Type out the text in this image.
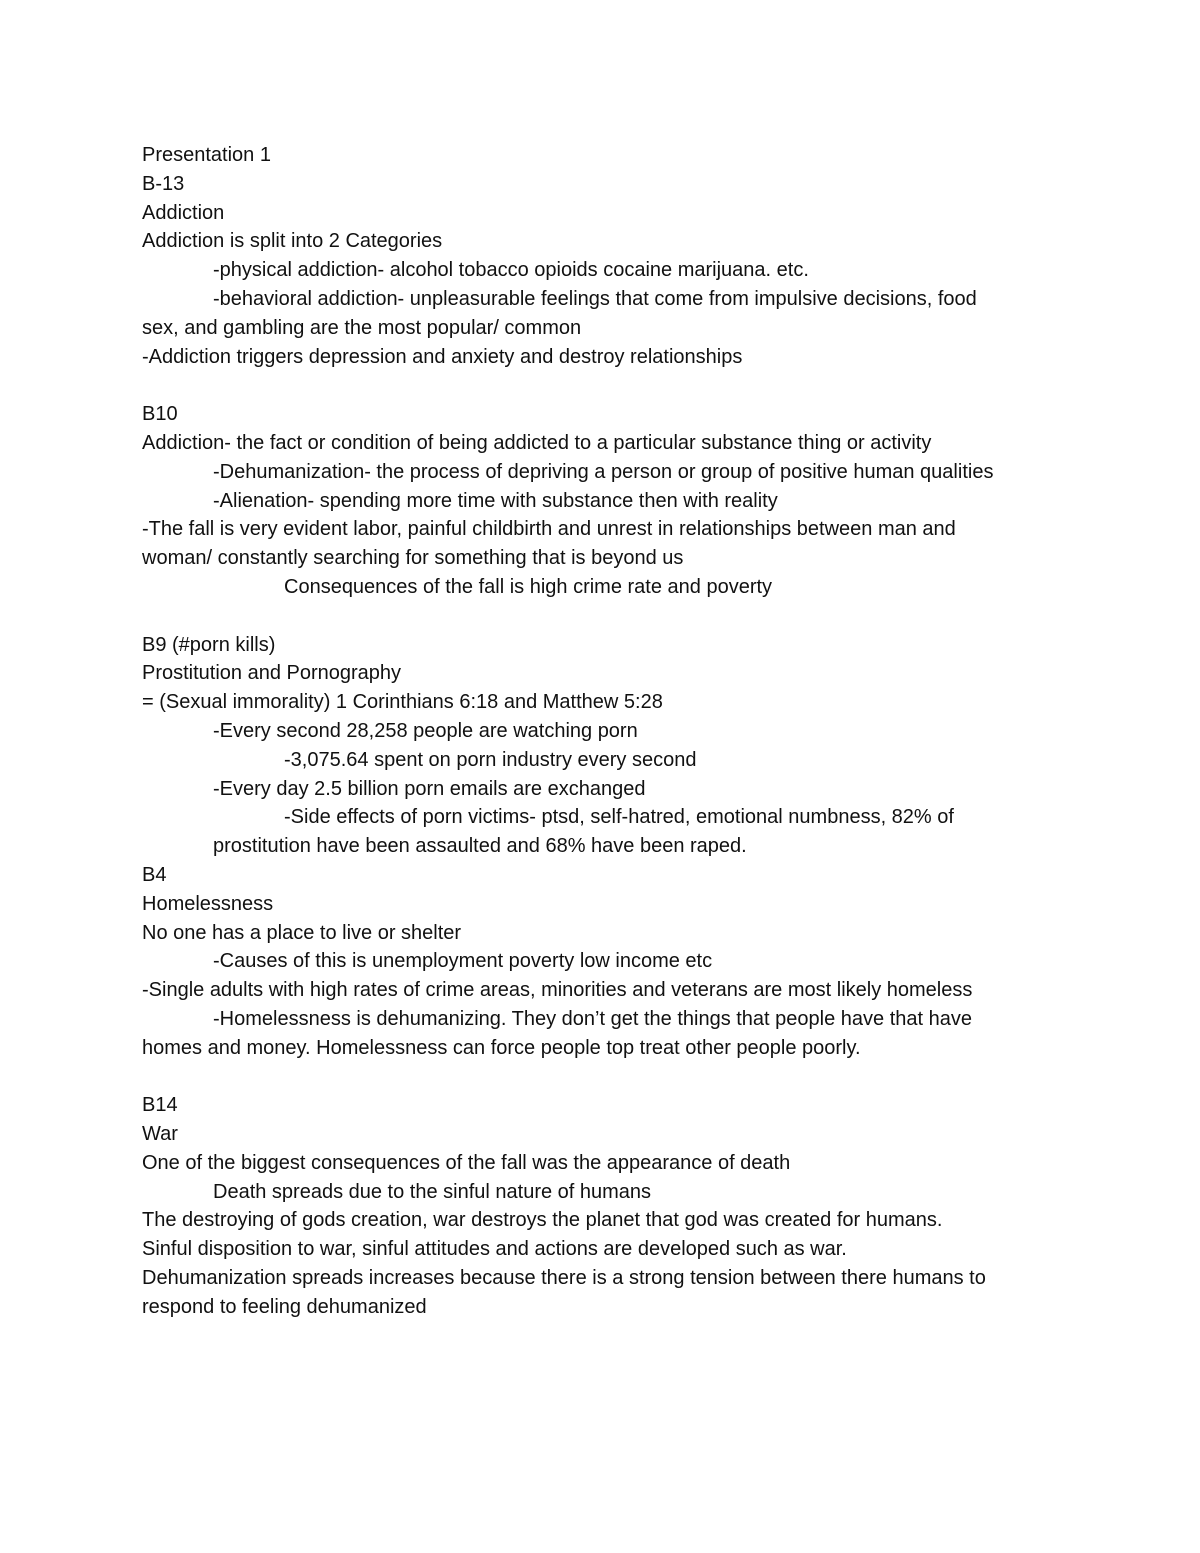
Presentation 1

B-13

Addiction

Addiction is split into 2 Categories

-physical addiction- alcohol tobacco opioids cocaine marijuana. etc.

-behavioral addiction- unpleasurable feelings that come from impulsive decisions, food

sex, and gambling are the most popular/ common

-Addiction triggers depression and anxiety and destroy relationships

B10

Addiction- the fact or condition of being addicted to a particular substance thing or activity

-Dehumanization- the process of depriving a person or group of positive human qualities

-Alienation- spending more time with substance then with reality

-The fall is very evident labor, painful childbirth and unrest in relationships between man and

woman/ constantly searching for something that is beyond us

Consequences of the fall is high crime rate and poverty

B9 (#porn kills)

Prostitution and Pornography

= (Sexual immorality) 1 Corinthians 6:18 and Matthew 5:28

-Every second 28,258 people are watching porn

-3,075.64 spent on porn industry every second

-Every day 2.5 billion porn emails are exchanged

-Side effects of porn victims- ptsd, self-hatred, emotional numbness, 82% of

prostitution have been assaulted and 68% have been raped.

B4

Homelessness

No one has a place to live or shelter

-Causes of this is unemployment poverty low income etc

-Single adults with high rates of crime areas, minorities and veterans are most likely homeless

-Homelessness is dehumanizing. They don’t get the things that people have that have

homes and money. Homelessness can force people top treat other people poorly.

B14

War

One of the biggest consequences of the fall was the appearance of death

Death spreads due to the sinful nature of humans

The destroying of gods creation, war destroys the planet that god was created for humans.

Sinful disposition to war, sinful attitudes and actions are developed such as war.

Dehumanization spreads increases because there is a strong tension between there humans to

respond to feeling dehumanized
